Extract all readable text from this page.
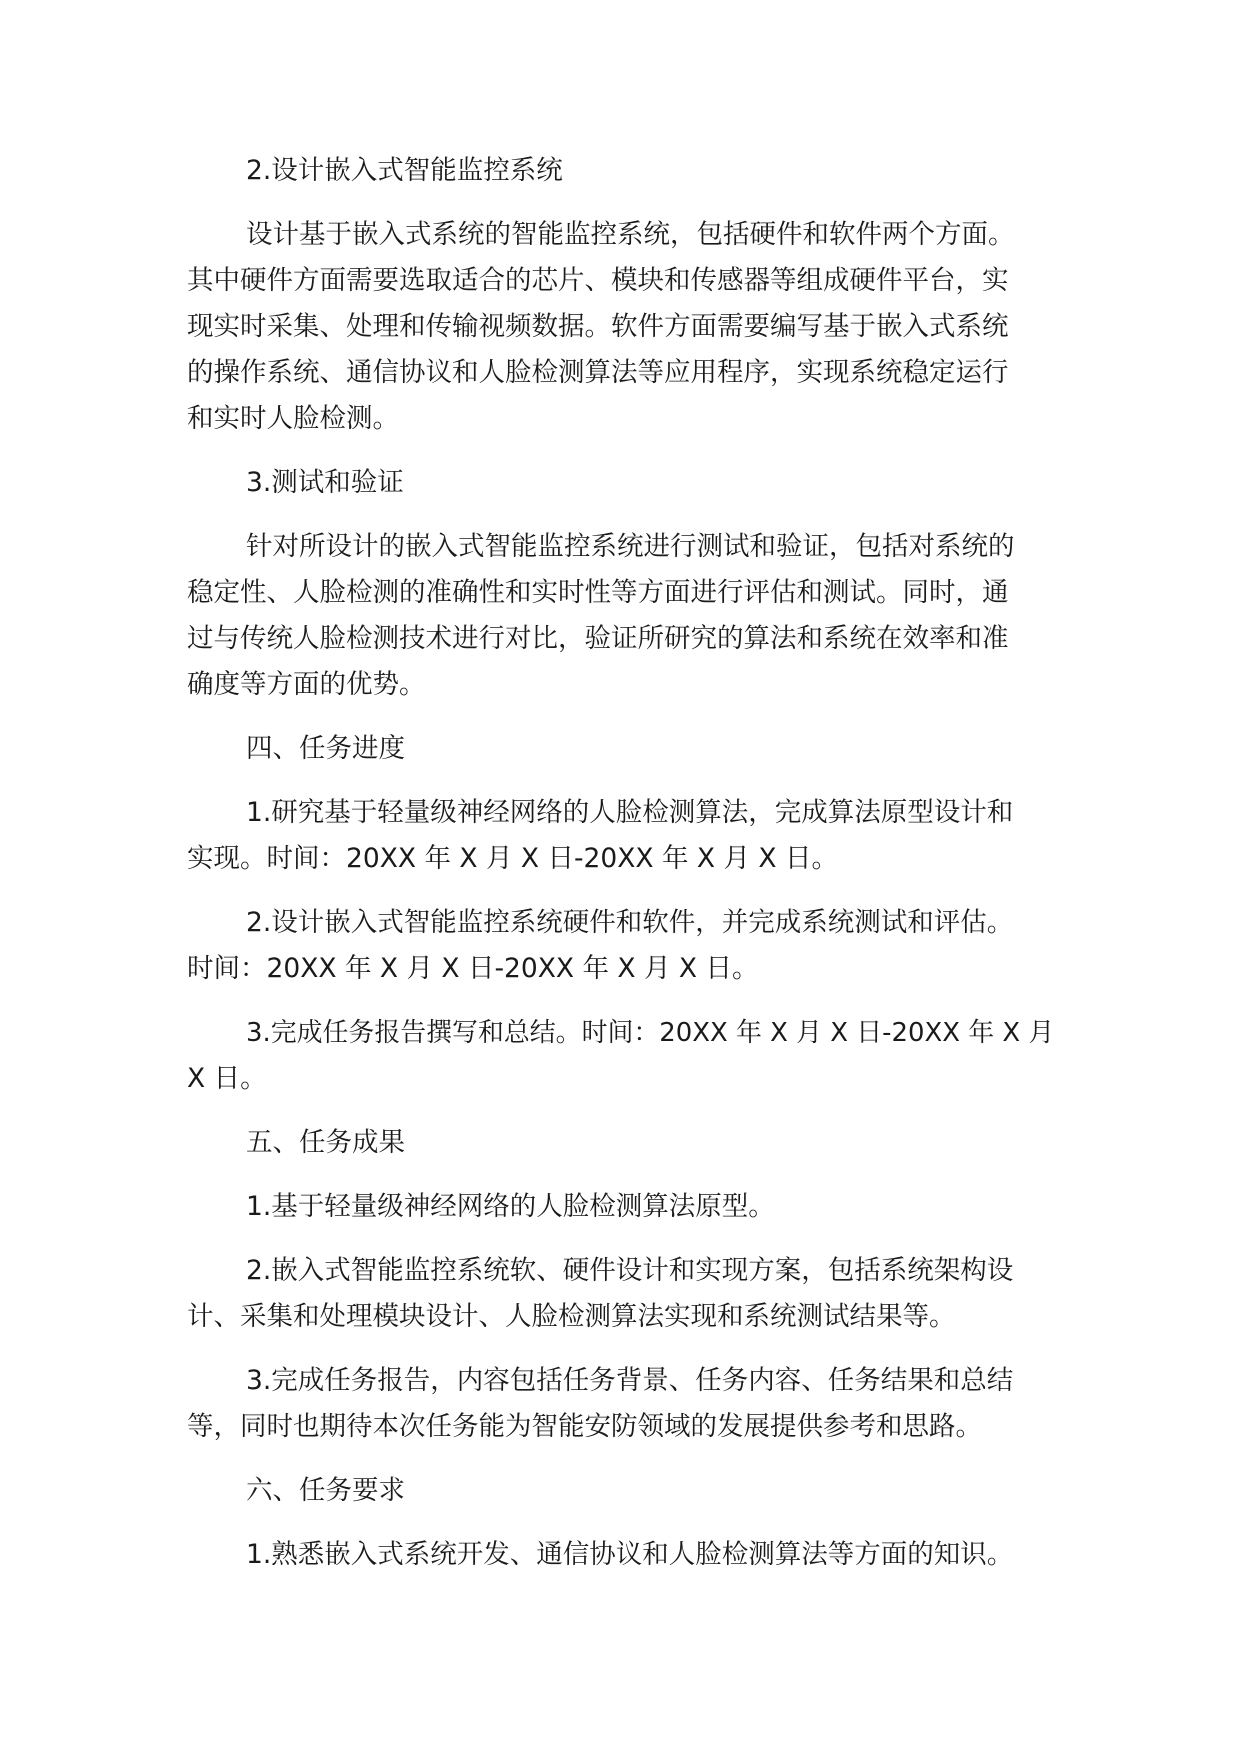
2.设计嵌入式智能监控系统
设计基于嵌入式系统的智能监控系统，包括硬件和软件两个方面。
其中硬件方面需要选取适合的芯片、模块和传感器等组成硬件平台，实
现实时采集、处理和传输视频数据。软件方面需要编写基于嵌入式系统
的操作系统、通信协议和人脸检测算法等应用程序，实现系统稳定运行
和实时人脸检测。
3.测试和验证
针对所设计的嵌入式智能监控系统进行测试和验证，包括对系统的
稳定性、人脸检测的准确性和实时性等方面进行评估和测试。同时，通
过与传统人脸检测技术进行对比，验证所研究的算法和系统在效率和准
确度等方面的优势。
四、任务进度
1.研究基于轻量级神经网络的人脸检测算法，完成算法原型设计和
实现。时间：20XX 年 X 月 X 日-20XX 年 X 月 X 日。
2.设计嵌入式智能监控系统硬件和软件，并完成系统测试和评估。
时间：20XX 年 X 月 X 日-20XX 年 X 月 X 日。
3.完成任务报告撰写和总结。时间：20XX 年 X 月 X 日-20XX 年 X 月
X 日。
五、任务成果
1.基于轻量级神经网络的人脸检测算法原型。
2.嵌入式智能监控系统软、硬件设计和实现方案，包括系统架构设
计、采集和处理模块设计、人脸检测算法实现和系统测试结果等。
3.完成任务报告，内容包括任务背景、任务内容、任务结果和总结
等，同时也期待本次任务能为智能安防领域的发展提供参考和思路。
六、任务要求
1.熟悉嵌入式系统开发、通信协议和人脸检测算法等方面的知识。
